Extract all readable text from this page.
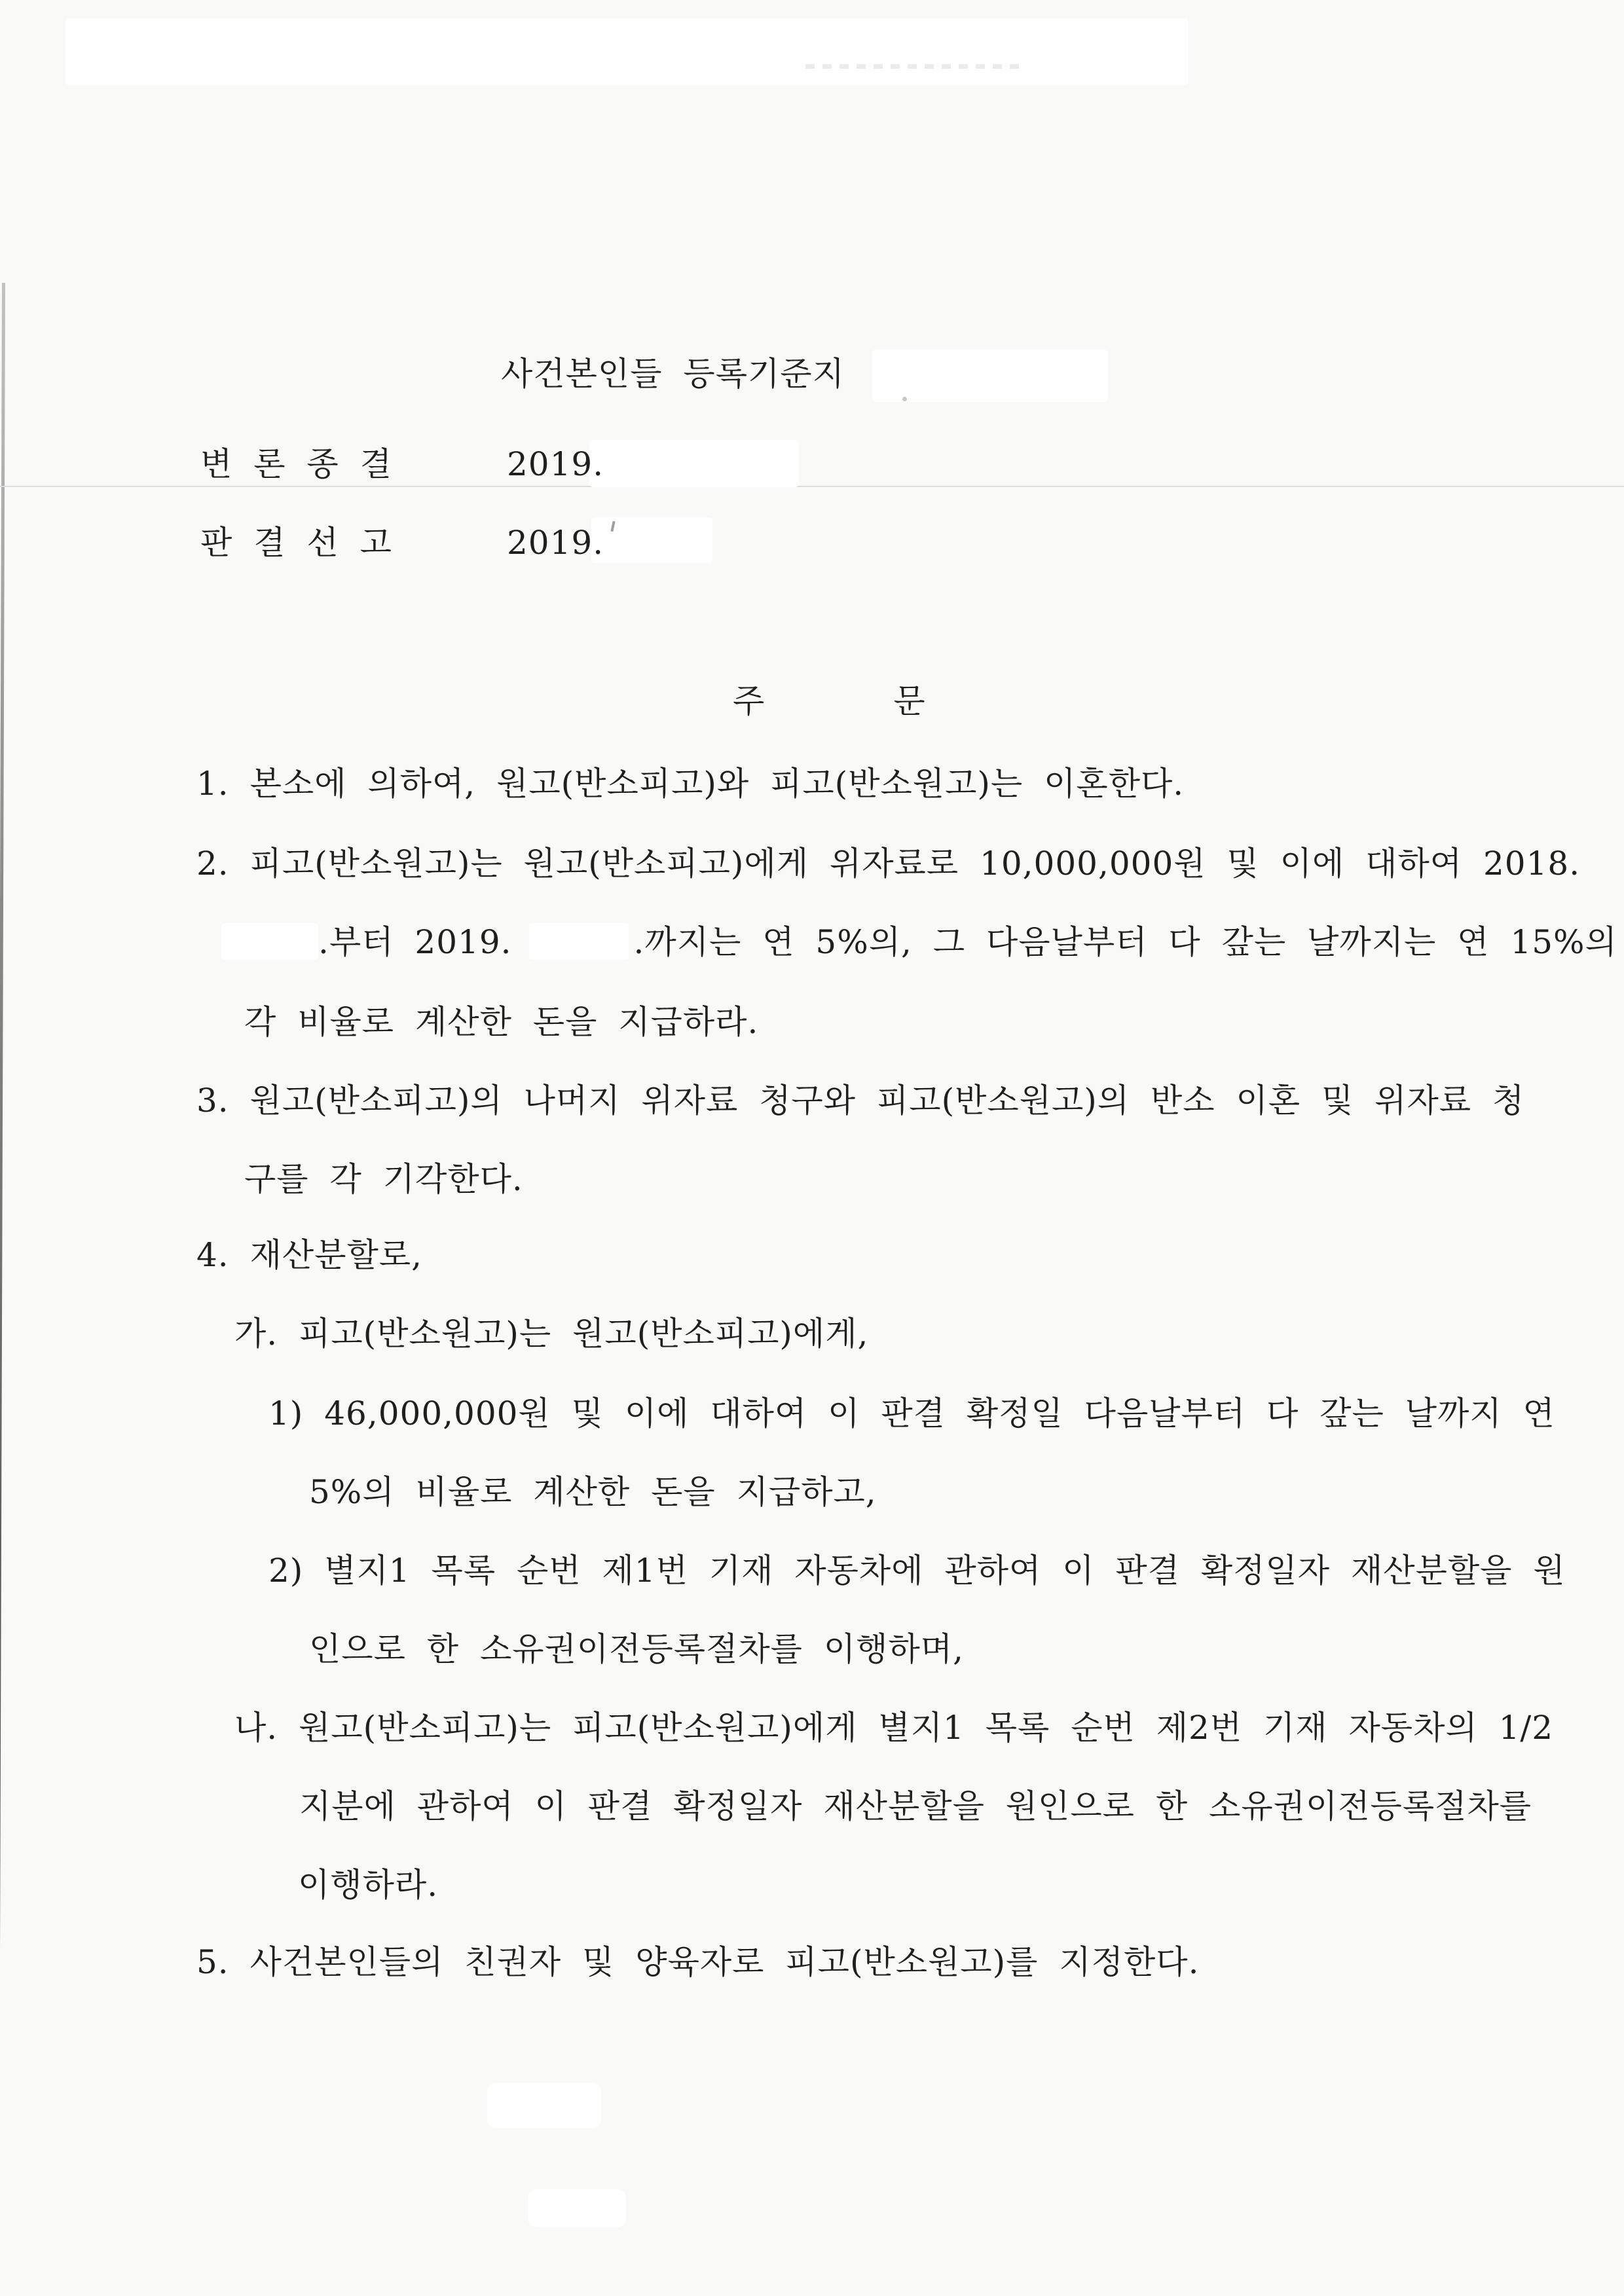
사건본인들 등록기준지
변 론 종 결	2019.
판 결 선 고	2019.
주	문
1. 본소에 의하여, 원고(반소피고)와 피고(반소원고)는 이혼한다.
2. 피고(반소원고)는 원고(반소피고)에게 위자료로 10,000,000원 및 이에 대하여 2018.
.부터 2019.	.까지는 연 5%의, 그 다음날부터 다 갚는 날까지는 연 15%의
각 비율로 계산한 돈을 지급하라.
3. 원고(반소피고)의 나머지 위자료 청구와 피고(반소원고)의 반소 이혼 및 위자료 청
구를 각 기각한다.
4. 재산분할로,
가. 피고(반소원고)는 원고(반소피고)에게,
1) 46,000,000원 및 이에 대하여 이 판결 확정일 다음날부터 다 갚는 날까지 연
5%의 비율로 계산한 돈을 지급하고,
2) 별지1 목록 순번 제1번 기재 자동차에 관하여 이 판결 확정일자 재산분할을 원
인으로 한 소유권이전등록절차를 이행하며,
나. 원고(반소피고)는 피고(반소원고)에게 별지1 목록 순번 제2번 기재 자동차의 1/2
지분에 관하여 이 판결 확정일자 재산분할을 원인으로 한 소유권이전등록절차를
이행하라.
5. 사건본인들의 친권자 및 양육자로 피고(반소원고)를 지정한다.
